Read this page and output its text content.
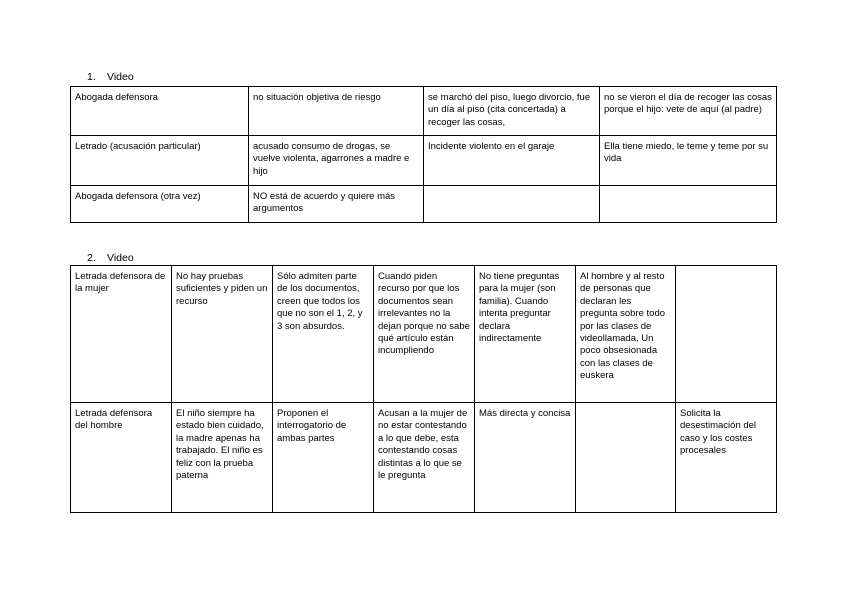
1. Video
Abogada defensora	no situación objetiva de riesgo	se marchó del piso, luego divorcio, fue un día al piso (cita concertada) a recoger las cosas,	no se vieron el día de recoger las cosas porque el hijo: vete de aquí (al padre)
Letrado (acusación particular)	acusado consumo de drogas, se vuelve violenta, agarrones a madre e hijo	Incidente violento en el garaje	Ella tiene miedo, le teme y teme por su vida
Abogada defensora (otra vez)	NO está de acuerdo y quiere más argumentos		
2. Video
Letrada defensora de la mujer	No hay pruebas suficientes y piden un recurso	Sólo admiten parte de los documentos, creen que todos los que no son el 1, 2, y 3 son absurdos.	Cuando piden recurso por que los documentos sean irrelevantes no la dejan porque no sabe qué artículo están incumpliendo	No tiene preguntas para la mujer (son familia). Cuando intenta preguntar declara indirectamente	Al hombre y al resto de personas que declaran les pregunta sobre todo por las clases de videollamada, Un poco obsesionada con las clases de euskera	
Letrada defensora del hombre	El niño siempre ha estado bien cuidado, la madre apenas ha trabajado. El niño es feliz con la prueba paterna	Proponen el interrogatorio de ambas partes	Acusan a la mujer de no estar contestando a lo que debe, esta contestando cosas distintas a lo que se le pregunta	Más directa y concisa		Solicita la desestimación del caso y los costes procesales
